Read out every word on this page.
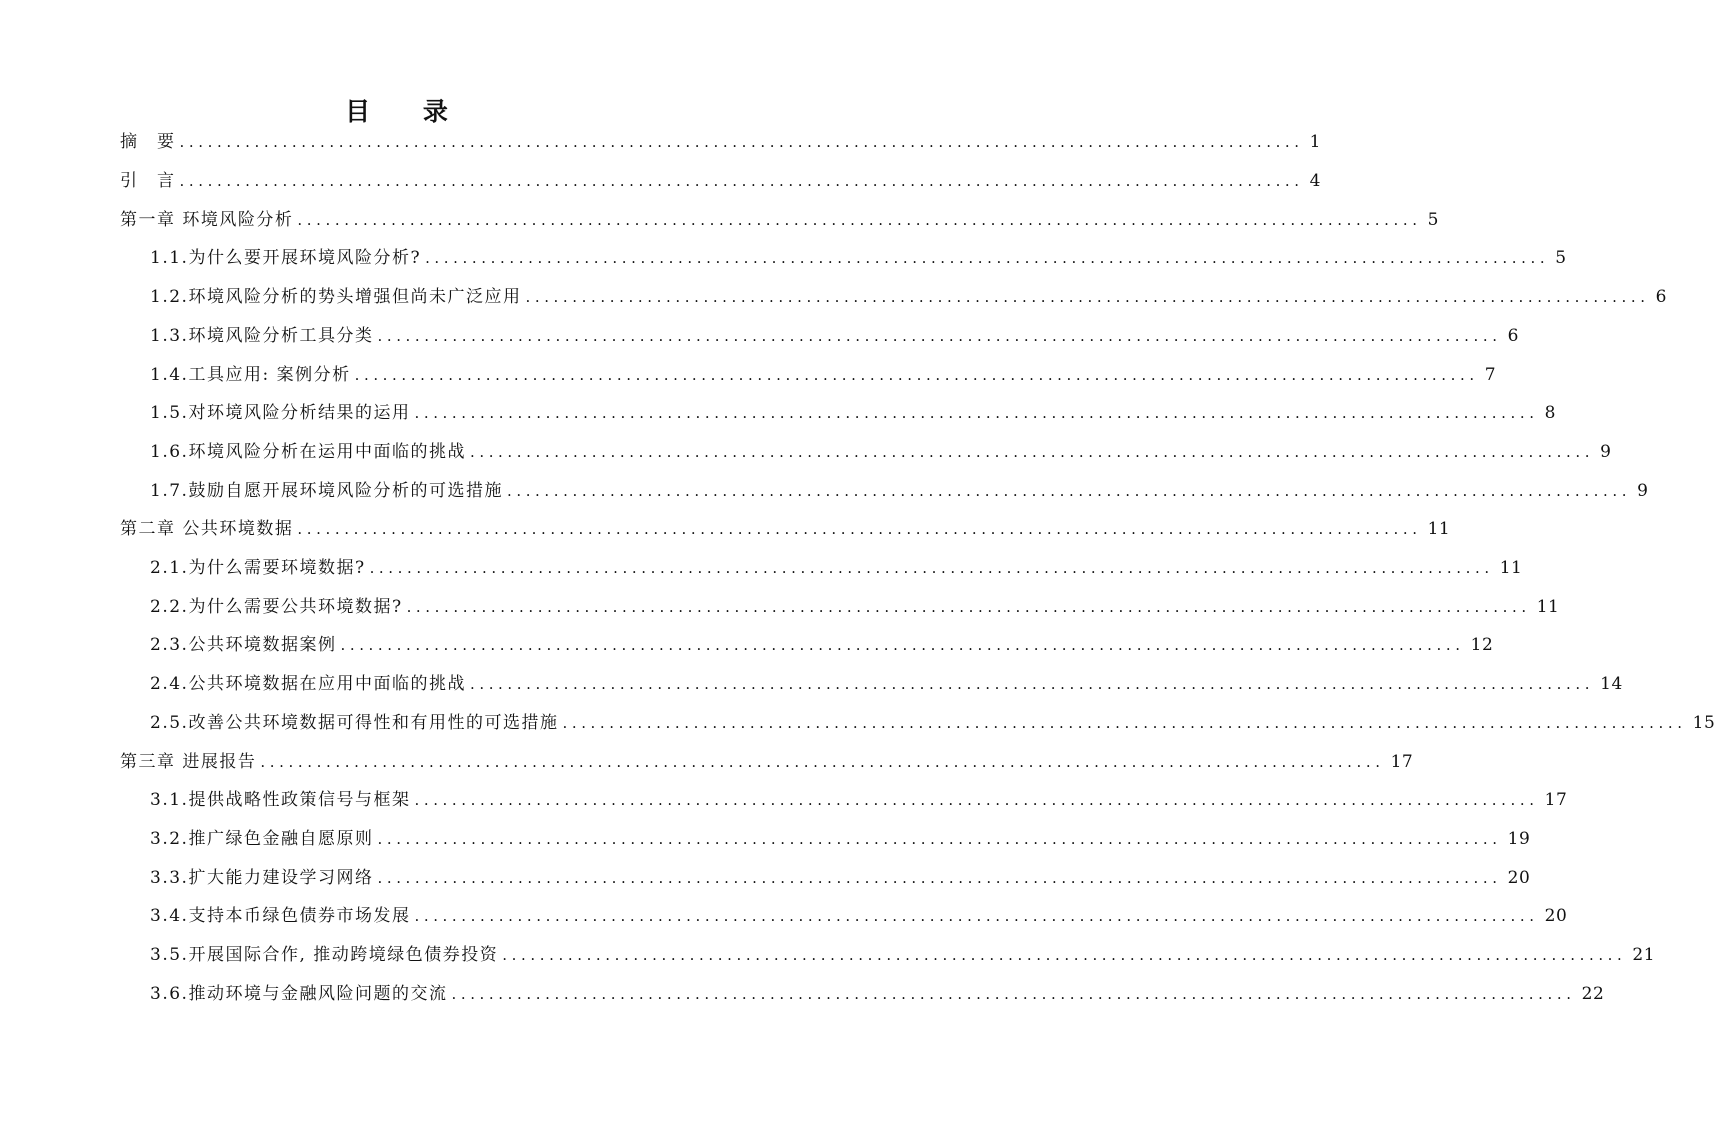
目 录
摘　要 ........................................................................................................................ 1
引　言 ........................................................................................................................ 4
第一章 环境风险分析 ........................................................................................................................ 5
1.1.为什么要开展环境风险分析? ........................................................................................................................ 5
1.2.环境风险分析的势头增强但尚未广泛应用 ........................................................................................................................ 6
1.3.环境风险分析工具分类 ........................................................................................................................ 6
1.4.工具应用: 案例分析 ........................................................................................................................ 7
1.5.对环境风险分析结果的运用 ........................................................................................................................ 8
1.6.环境风险分析在运用中面临的挑战 ........................................................................................................................ 9
1.7.鼓励自愿开展环境风险分析的可选措施 ........................................................................................................................ 9
第二章 公共环境数据 ........................................................................................................................ 11
2.1.为什么需要环境数据? ........................................................................................................................ 11
2.2.为什么需要公共环境数据? ........................................................................................................................ 11
2.3.公共环境数据案例 ........................................................................................................................ 12
2.4.公共环境数据在应用中面临的挑战 ........................................................................................................................ 14
2.5.改善公共环境数据可得性和有用性的可选措施 ........................................................................................................................ 15
第三章 进展报告 ........................................................................................................................ 17
3.1.提供战略性政策信号与框架 ........................................................................................................................ 17
3.2.推广绿色金融自愿原则 ........................................................................................................................ 19
3.3.扩大能力建设学习网络 ........................................................................................................................ 20
3.4.支持本币绿色债券市场发展 ........................................................................................................................ 20
3.5.开展国际合作, 推动跨境绿色债券投资 ........................................................................................................................ 21
3.6.推动环境与金融风险问题的交流 ........................................................................................................................ 22
